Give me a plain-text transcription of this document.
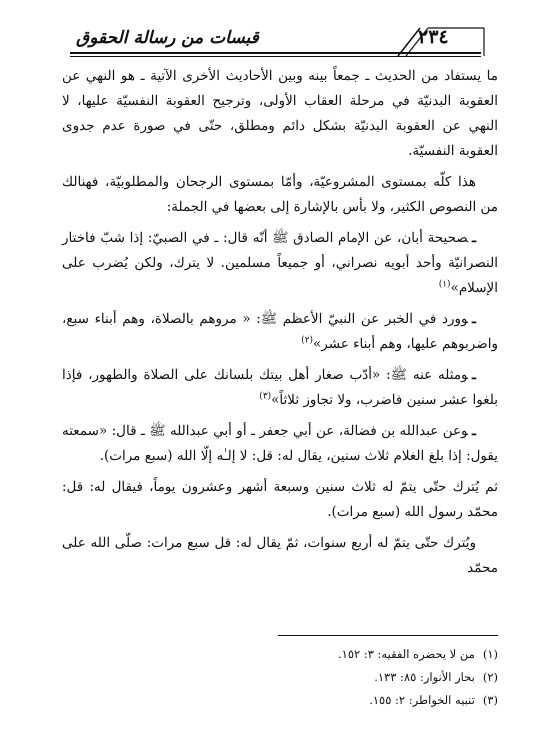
قبسات من رسالة الحقوق	٢٣٤

ما يستفاد من الحديث ـ جمعاً بينه وبين الأحاديث الأخرى الآتية ـ هو النهي عن العقوبة البدنيّة في مرحلة العقاب الأولى، وترجيح العقوبة النفسيّة عليها، لا النهي عن العقوبة البدنيّة بشكل دائم ومطلق، حتّى في صورة عدم جدوى العقوبة النفسيّة.

هذا كلّه بمستوى المشروعيّة، وأمّا بمستوى الرجحان والمطلوبيّة، فهنالك من النصوص الكثير، ولا بأس بالإشارة إلى بعضها في الجملة:

ـصحيحة أبان، عن الإمام الصادق ﷺ أنّه قال: ـ في الصبيّ: إذا شبّ فاختار النصرانيّة وأحد أبويه نصراني، أو جميعاً مسلمين. لا يترك، ولكن يُضرب على الإسلام»$^{(١)}$

ـوورد في الخبر عن النبيّ الأعظم ﷺ: « مروهم بالصلاة، وهم أبناء سبع، واضربوهم عليها، وهم أبناء عشر»$^{(٢)}$

ـومثله عنه ﷺ: «أدّب صغار أهل بيتك بلسانك على الصلاة والطهور، فإذا بلغوا عشر سنين فاضرب، ولا تجاوز ثلاثاً»$^{(٣)}$

ـوعن عبدالله بن فضالة، عن أبي جعفر ـ أو أبي عبدالله ﷺ ـ قال: «سمعته يقول: إذا بلغ الغلام ثلاث سنين، يقال له: قل: لا إلـٰه إلّا الله (سبع مرات).

ثم يُترك حتّى يتمّ له ثلاث سنين وسبعة أشهر وعشرون يوماً، فيقال له: قل: محمّد رسول الله (سبع مرات).

ويُترك حتّى يتمّ له أربع سنوات، ثمّ يقال له: قل سبع مرات: صلّى الله على محمّد

(١)من لا يحضره الفقيه: ٣: ١٥٢.

(٢)بحار الأنوار: ٨٥: ١٣٣.

(٣)تنبيه الخواطر: ٢: ١٥٥.
